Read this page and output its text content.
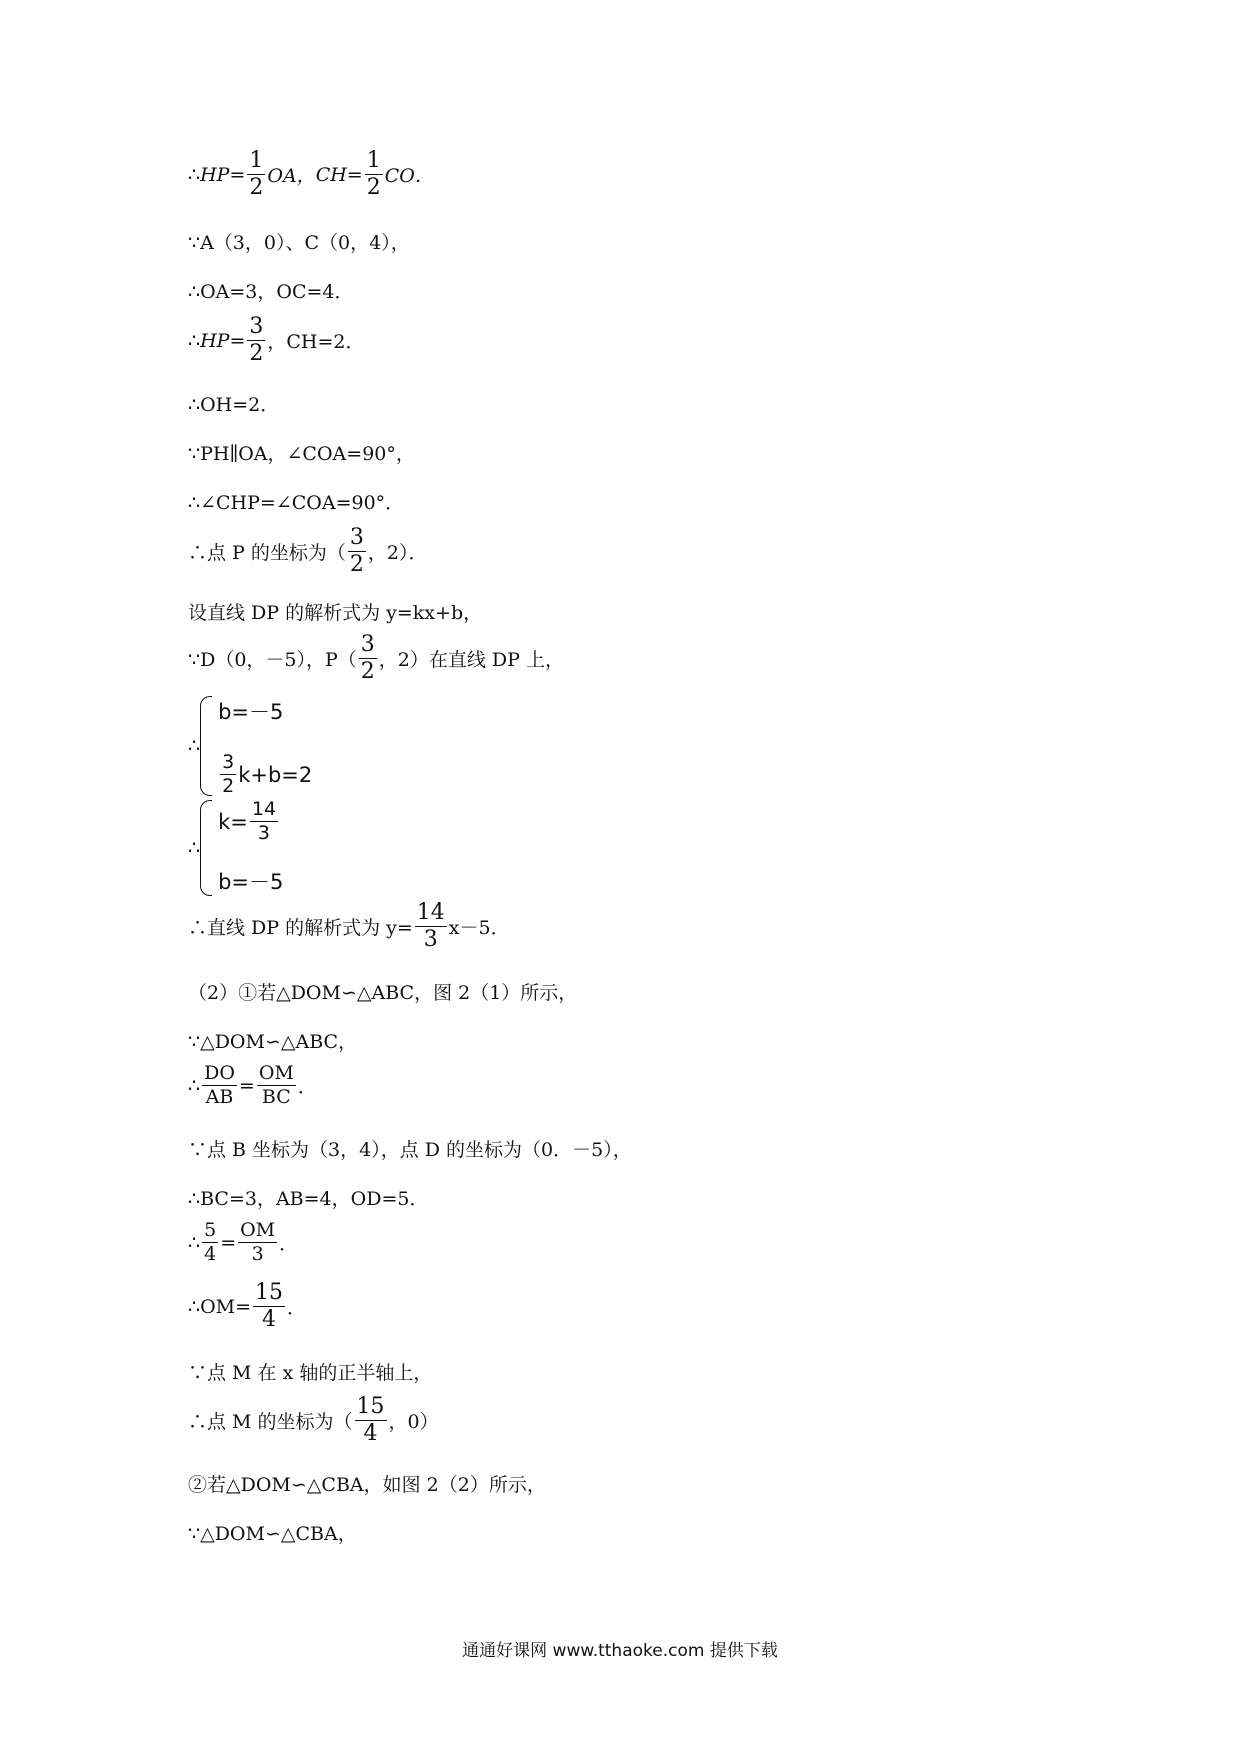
∴ $HP= \frac{1}{2}$ OA， $CH= \frac{1}{2}$ CO．
∵A（3，0）、C（0，4），
∴OA=3，OC=4．
∴ $HP= \frac{3}{2}$ ，CH=2．
∴OH=2．
∵PH∥OA，∠COA=90°，
∴∠CHP=∠COA=90°．
∴点 P 的坐标为（ $\frac{3}{2}$ ，2）．
设直线 DP 的解析式为 y=kx+b，
∵D（0，－5），$P( \frac{3}{2}$ ，2）在直线 DP 上，
∴
b=－5
$\frac{3}{2} k+b=2$
∴
$k= \frac{14}{3}$
b=－5
∴直线 DP 的解析式为 $y= \frac{14}{3} x-5$．
（2）①若△DOM∽△ABC，图 2（1）所示，
∵△DOM∽△ABC，
∴ $\frac{DO}{AB} = \frac{OM}{BC}$ ．
∵点 B 坐标为（3，4），点 D 的坐标为（0．－5），
∴BC=3，AB=4，OD=5．
∴ $\frac{5}{4} = \frac{OM}{3}$ ．
∴OM= $\frac{15}{4}$ ．
∵点 M 在 x 轴的正半轴上，
∴点 M 的坐标为（ $\frac{15}{4}$ ，0）
②若△DOM∽△CBA，如图 2（2）所示，
∵△DOM∽△CBA，
通通好课网 www.tthaoke.com 提供下载
